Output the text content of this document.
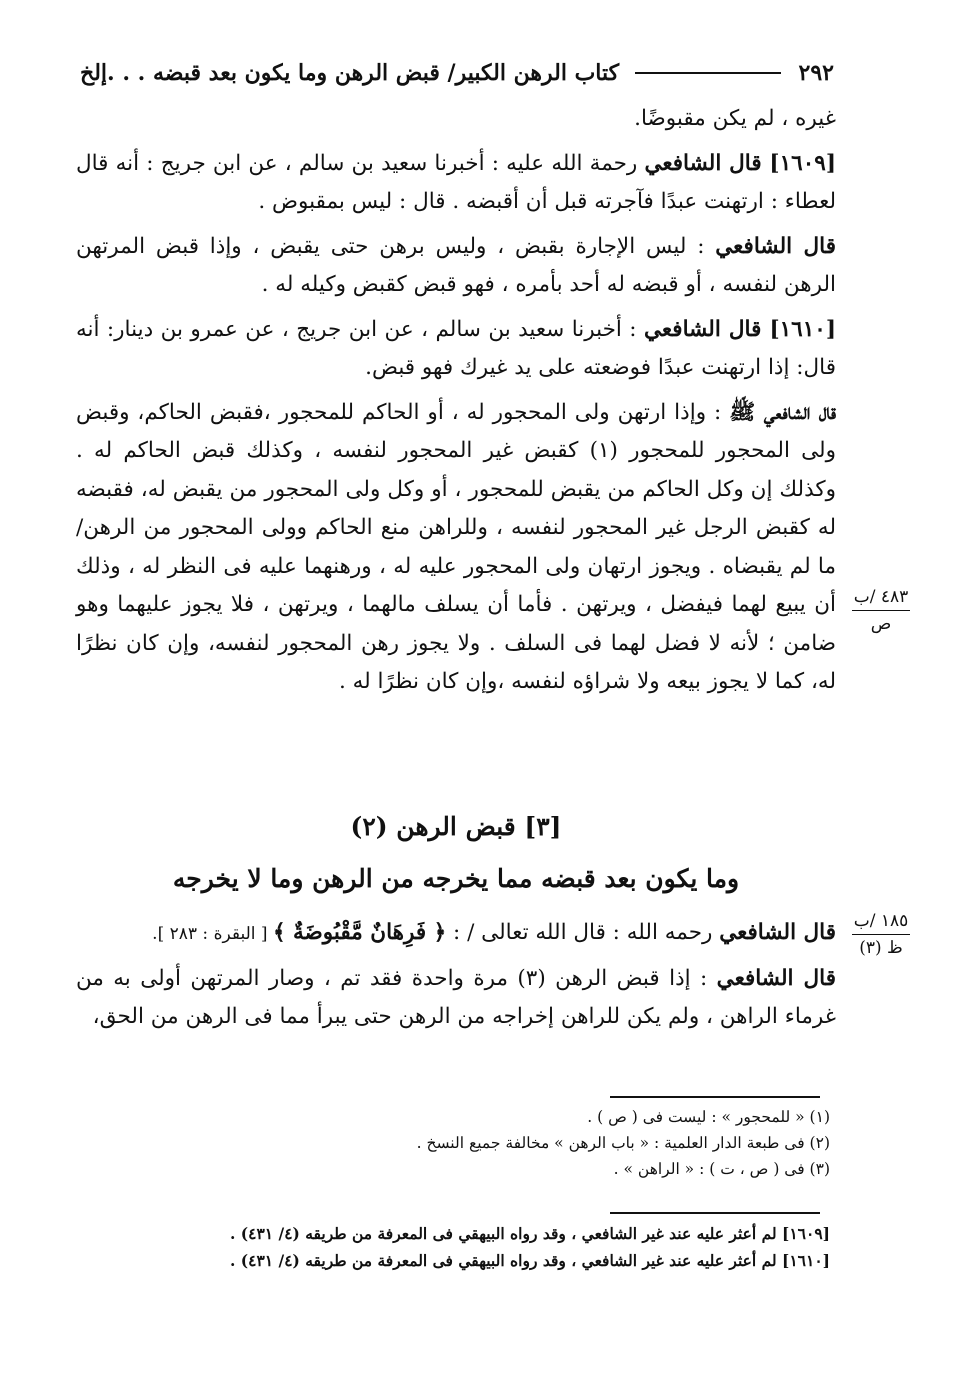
٢٩٢
كتاب الرهن الكبير/ قبض الرهن وما يكون بعد قبضه . . .إلخ

غيره ، لم يكن مقبوضًا.

[١٦٠٩] قال الشافعي رحمة الله عليه : أخبرنا سعيد بن سالم ، عن ابن جريج : أنه قال لعطاء : ارتهنت عبدًا فآجرته قبل أن أقبضه . قال : ليس بمقبوض .

قال الشافعي : ليس الإجارة بقبض ، وليس برهن حتى يقبض ، وإذا قبض المرتهن الرهن لنفسه ، أو قبضه له أحد بأمره ، فهو قبض كقبض وكيله له .

[١٦١٠] قال الشافعي : أخبرنا سعيد بن سالم ، عن ابن جريج ، عن عمرو بن دينار: أنه قال: إذا ارتهنت عبدًا فوضعته على يد غيرك فهو قبض.

قال الشافعي ﷺ : وإذا ارتهن ولى المحجور له ، أو الحاكم للمحجور ،فقبض الحاكم، وقبض ولى المحجور للمحجور (١) كقبض غير المحجور لنفسه ، وكذلك قبض الحاكم له . وكذلك إن وكل الحاكم من يقبض للمحجور ، أو وكل ولى المحجور من يقبض له، فقبضه له كقبض الرجل غير المحجور لنفسه ، وللراهن منع الحاكم وولى المحجور من الرهن/ ما لم يقبضاه . ويجوز ارتهان ولى المحجور عليه له ، ورهنهما عليه فى النظر له ، وذلك أن يبيع لهما فيفضل ، ويرتهن . فأما أن يسلف مالهما ، ويرتهن ، فلا يجوز عليهما وهو ضامن ؛ لأنه لا فضل لهما فى السلف . ولا يجوز رهن المحجور لنفسه، وإن كان نظرًا له، كما لا يجوز بيعه ولا شراؤه لنفسه ،وإن كان نظرًا له .

[٣] قبض الرهن (٢)
وما يكون بعد قبضه مما يخرجه من الرهن وما لا يخرجه

قال الشافعي رحمه الله : قال الله تعالى / : ﴿ فَرِهَانٌ مَّقْبُوضَةٌ ﴾ [ البقرة : ٢٨٣ ].

قال الشافعي : إذا قبض الرهن (٣) مرة واحدة فقد تم ، وصار المرتهن أولى به من غرماء الراهن ، ولم يكن للراهن إخراجه من الرهن حتى يبرأ مما فى الرهن من الحق،

٤٨٣ /ب
ص
١٨٥ /ب
ظ (٣)
(١) « للمحجور » : ليست فى ( ص ) .
(٢) فى طبعة الدار العلمية : « باب الرهن » مخالفة جميع النسخ .
(٣) فى ( ص ، ت ) : « الراهن » .
[١٦٠٩] لم أعثر عليه عند غير الشافعي ، وقد رواه البيهقي فى المعرفة من طريقه (٤/ ٤٣١) .
[١٦١٠] لم أعثر عليه عند غير الشافعي ، وقد رواه البيهقي فى المعرفة من طريقه (٤/ ٤٣١) .
